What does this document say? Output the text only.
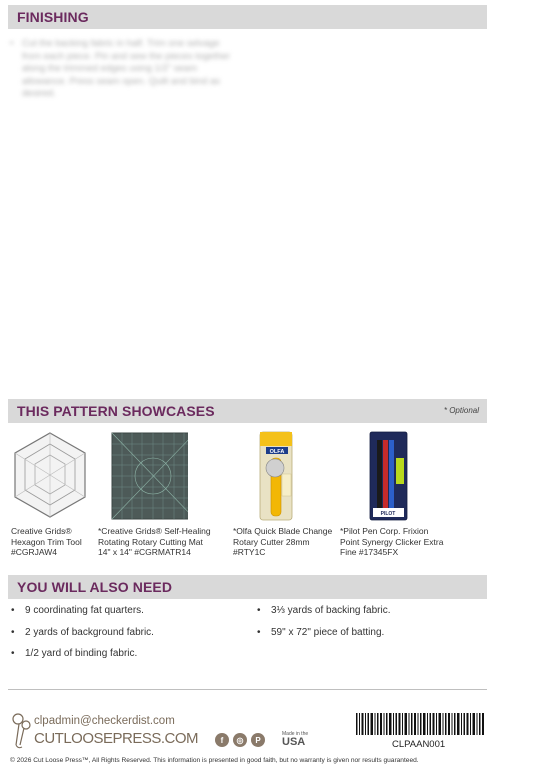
FINISHING
• Cut the backing fabric in half. Trim one selvage from each piece. Pin and sew the pieces together along the trimmed edges using 1/2" seam allowance. Press seam open. Quilt and bind as desired.
THIS PATTERN SHOWCASES	* Optional
Creative Grids® Hexagon Trim Tool #CGRJAW4
*Creative Grids® Self-Healing Rotating Rotary Cutting Mat 14" x 14" #CGRMATR14
OLFA
*Olfa Quick Blade Change Rotary Cutter 28mm #RTY1C
PILOT
*Pilot Pen Corp. Frixion Point Synergy Clicker Extra Fine #17345FX
YOU WILL ALSO NEED
• 9 coordinating fat quarters.
• 2 yards of background fabric.
• 1/2 yard of binding fabric.
• 3⅓ yards of backing fabric.
• 59" x 72" piece of batting.
clpadmin@checkerdist.com
CUTLOOSEPRESS.COM	f	◎	P
Made in the
USA	CLPAAN001
© 2026 Cut Loose Press™, All Rights Reserved. This information is presented in good faith, but no warranty is given nor results guaranteed.
